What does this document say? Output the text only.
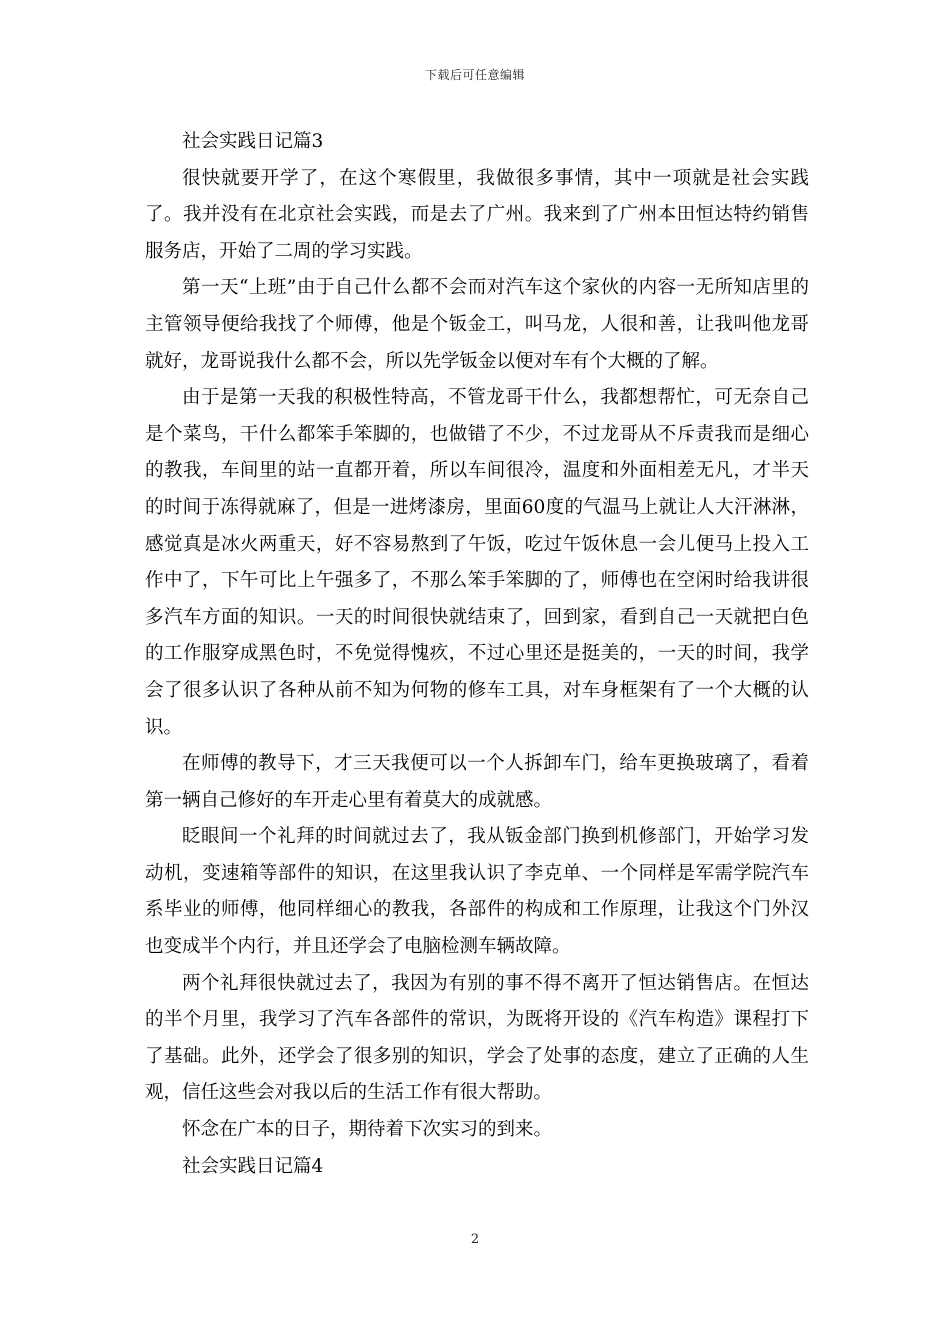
下载后可任意编辑

社会实践日记篇3

很快就要开学了，在这个寒假里，我做很多事情，其中一项就是社会实践了。我并没有在北京社会实践，而是去了广州。我来到了广州本田恒达特约销售服务店，开始了二周的学习实践。

第一天“上班”由于自己什么都不会而对汽车这个家伙的内容一无所知店里的主管领导便给我找了个师傅，他是个钣金工，叫马龙，人很和善，让我叫他龙哥就好，龙哥说我什么都不会，所以先学钣金以便对车有个大概的了解。

由于是第一天我的积极性特高，不管龙哥干什么，我都想帮忙，可无奈自己是个菜鸟，干什么都笨手笨脚的，也做错了不少，不过龙哥从不斥责我而是细心的教我，车间里的站一直都开着，所以车间很冷，温度和外面相差无凡，才半天的时间于冻得就麻了，但是一进烤漆房，里面60度的气温马上就让人大汗淋淋，感觉真是冰火两重天，好不容易熬到了午饭，吃过午饭休息一会儿便马上投入工作中了，下午可比上午强多了，不那么笨手笨脚的了，师傅也在空闲时给我讲很多汽车方面的知识。一天的时间很快就结束了，回到家，看到自己一天就把白色的工作服穿成黑色时，不免觉得愧疚，不过心里还是挺美的，一天的时间，我学会了很多认识了各种从前不知为何物的修车工具，对车身框架有了一个大概的认识。

在师傅的教导下，才三天我便可以一个人拆卸车门，给车更换玻璃了，看着第一辆自己修好的车开走心里有着莫大的成就感。

眨眼间一个礼拜的时间就过去了，我从钣金部门换到机修部门，开始学习发动机，变速箱等部件的知识，在这里我认识了李克单、一个同样是军需学院汽车系毕业的师傅，他同样细心的教我，各部件的构成和工作原理，让我这个门外汉也变成半个内行，并且还学会了电脑检测车辆故障。

两个礼拜很快就过去了，我因为有别的事不得不离开了恒达销售店。在恒达的半个月里，我学习了汽车各部件的常识，为既将开设的《汽车构造》课程打下了基础。此外，还学会了很多别的知识，学会了处事的态度，建立了正确的人生观，信任这些会对我以后的生活工作有很大帮助。

怀念在广本的日子，期待着下次实习的到来。

社会实践日记篇4

2
